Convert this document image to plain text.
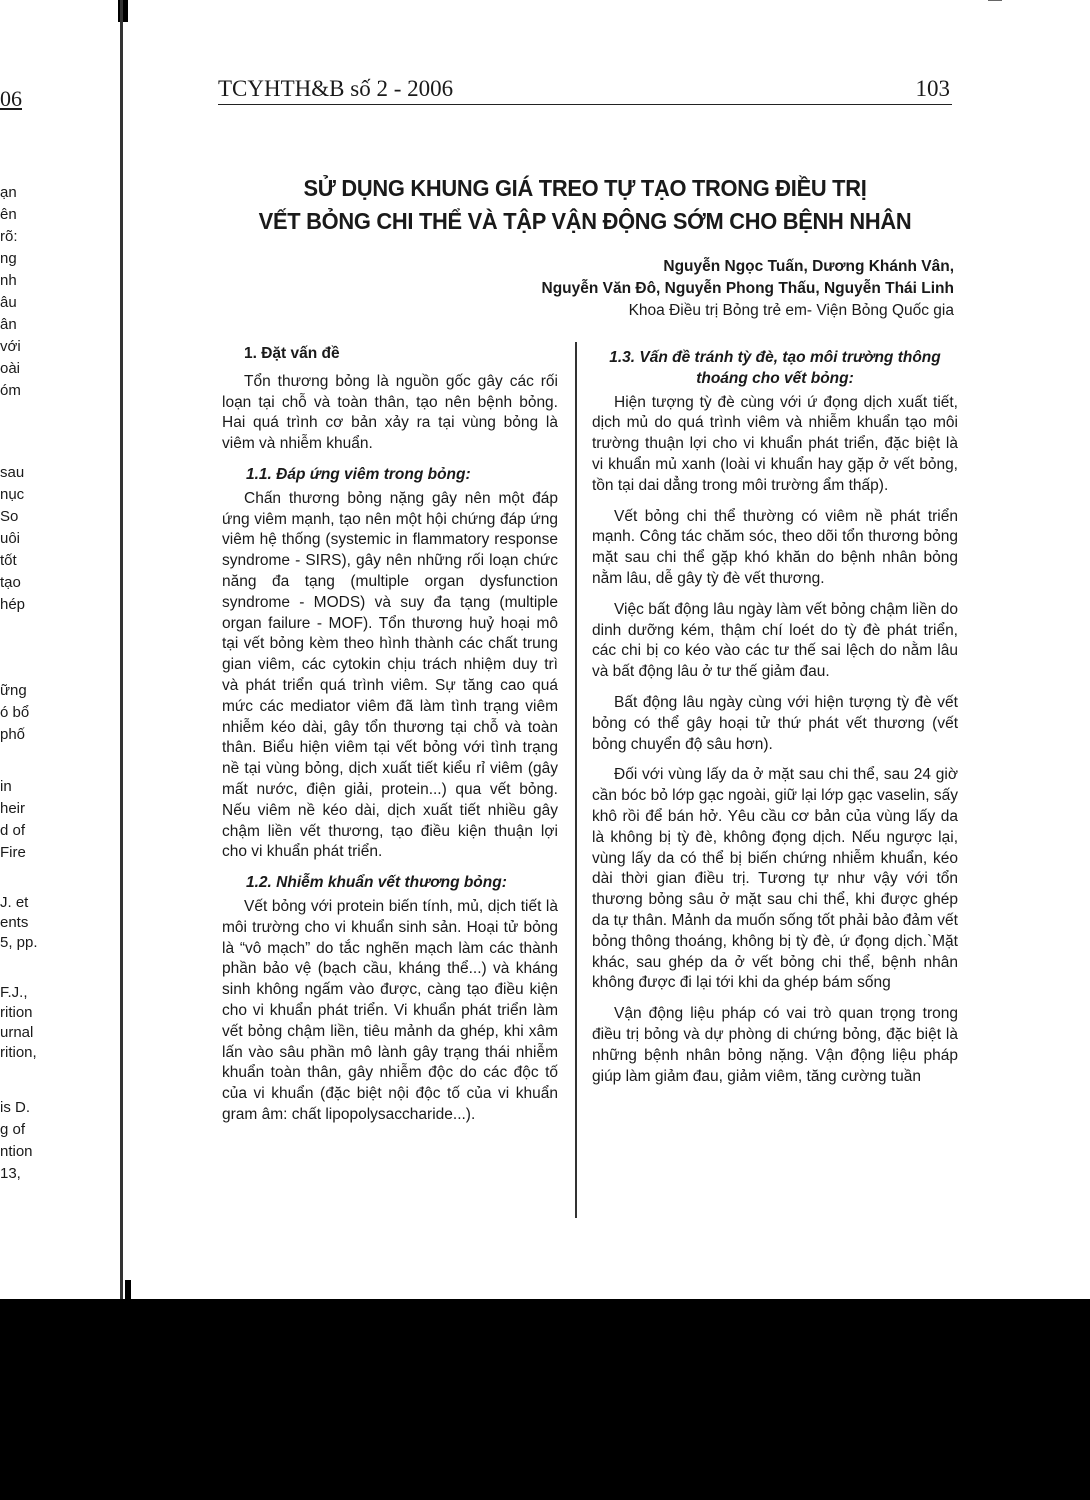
06
ạn
ên
rõ:
ng
nh
âu
ân
với
oài
óm
sau
nục
So
uôi
tốt
tạo
hép
ững
ó bổ
phố
in
heir
d of
Fire
J. et
ents
5, pp.
F.J.,
rition
urnal
rition,
is D.
g of
ntion
13,
TCYHTH&B số 2 - 2006	103
SỬ DỤNG KHUNG GIÁ TREO TỰ TẠO TRONG ĐIỀU TRỊ
VẾT BỎNG CHI THỂ VÀ TẬP VẬN ĐỘNG SỚM CHO BỆNH NHÂN
Nguyễn Ngọc Tuấn, Dương Khánh Vân,
Nguyễn Văn Đô, Nguyễn Phong Thấu, Nguyễn Thái Linh
Khoa Điều trị Bỏng trẻ em- Viện Bỏng Quốc gia
1. Đặt vấn đề

Tổn thương bỏng là nguồn gốc gây các rối loạn tại chỗ và toàn thân, tạo nên bệnh bỏng. Hai quá trình cơ bản xảy ra tại vùng bỏng là viêm và nhiễm khuẩn.

1.1. Đáp ứng viêm trong bỏng:

Chấn thương bỏng nặng gây nên một đáp ứng viêm mạnh, tạo nên một hội chứng đáp ứng viêm hệ thống (systemic in flammatory response syndrome - SIRS), gây nên những rối loạn chức năng đa tạng (multiple organ dysfunction syndrome - MODS) và suy đa tạng (multiple organ failure - MOF). Tổn thương huỷ hoại mô tại vết bỏng kèm theo hình thành các chất trung gian viêm, các cytokin chịu trách nhiệm duy trì và phát triển quá trình viêm. Sự tăng cao quá mức các mediator viêm đã làm tình trạng viêm nhiễm kéo dài, gây tổn thương tại chỗ và toàn thân. Biểu hiện viêm tại vết bỏng với tình trạng nề tại vùng bỏng, dịch xuất tiết kiểu rỉ viêm (gây mất nước, điện giải, protein...) qua vết bỏng. Nếu viêm nề kéo dài, dịch xuất tiết nhiều gây chậm liền vết thương, tạo điều kiện thuận lợi cho vi khuẩn phát triển.

1.2. Nhiễm khuẩn vết thương bỏng:

Vết bỏng với protein biến tính, mủ, dịch tiết là môi trường cho vi khuẩn sinh sản. Hoại tử bỏng là “vô mạch” do tắc nghẽn mạch làm các thành phần bảo vệ (bạch cầu, kháng thể...) và kháng sinh không ngấm vào được, càng tạo điều kiện cho vi khuẩn phát triển. Vi khuẩn phát triển làm vết bỏng chậm liền, tiêu mảnh da ghép, khi xâm lấn vào sâu phần mô lành gây trạng thái nhiễm khuẩn toàn thân, gây nhiễm độc do các độc tố của vi khuẩn (đặc biệt nội độc tố của vi khuẩn gram âm: chất lipopolysaccharide...).

1.3. Vấn đề tránh tỳ đè, tạo môi trường thông thoáng cho vết bỏng:

Hiện tượng tỳ đè cùng với ứ đọng dịch xuất tiết, dịch mủ do quá trình viêm và nhiễm khuẩn tạo môi trường thuận lợi cho vi khuẩn phát triển, đặc biệt là vi khuẩn mủ xanh (loài vi khuẩn hay gặp ở vết bỏng, tồn tại dai dẳng trong môi trường ẩm thấp).

Vết bỏng chi thể thường có viêm nề phát triển mạnh. Công tác chăm sóc, theo dõi tổn thương bỏng mặt sau chi thể gặp khó khăn do bệnh nhân bỏng nằm lâu, dễ gây tỳ đè vết thương.

Việc bất động lâu ngày làm vết bỏng chậm liền do dinh dưỡng kém, thậm chí loét do tỳ đè phát triển, các chi bị co kéo vào các tư thế sai lệch do nằm lâu và bất động lâu ở tư thế giảm đau.

Bất động lâu ngày cùng với hiện tượng tỳ đè vết bỏng có thể gây hoại tử thứ phát vết thương (vết bỏng chuyển độ sâu hơn).

Đối với vùng lấy da ở mặt sau chi thể, sau 24 giờ cần bóc bỏ lớp gạc ngoài, giữ lại lớp gạc vaselin, sấy khô rồi để bán hở. Yêu cầu cơ bản của vùng lấy da là không bị tỳ đè, không đọng dịch. Nếu ngược lại, vùng lấy da có thể bị biến chứng nhiễm khuẩn, kéo dài thời gian điều trị. Tương tự như vậy với tổn thương bỏng sâu ở mặt sau chi thể, khi được ghép da tự thân. Mảnh da muốn sống tốt phải bảo đảm vết bỏng thông thoáng, không bị tỳ đè, ứ đọng dịch.`Mặt khác, sau ghép da ở vết bỏng chi thể, bệnh nhân không được đi lại tới khi da ghép bám sống

Vận động liệu pháp có vai trò quan trọng trong điều trị bỏng và dự phòng di chứng bỏng, đặc biệt là những bệnh nhân bỏng nặng. Vận động liệu pháp giúp làm giảm đau, giảm viêm, tăng cường tuần
